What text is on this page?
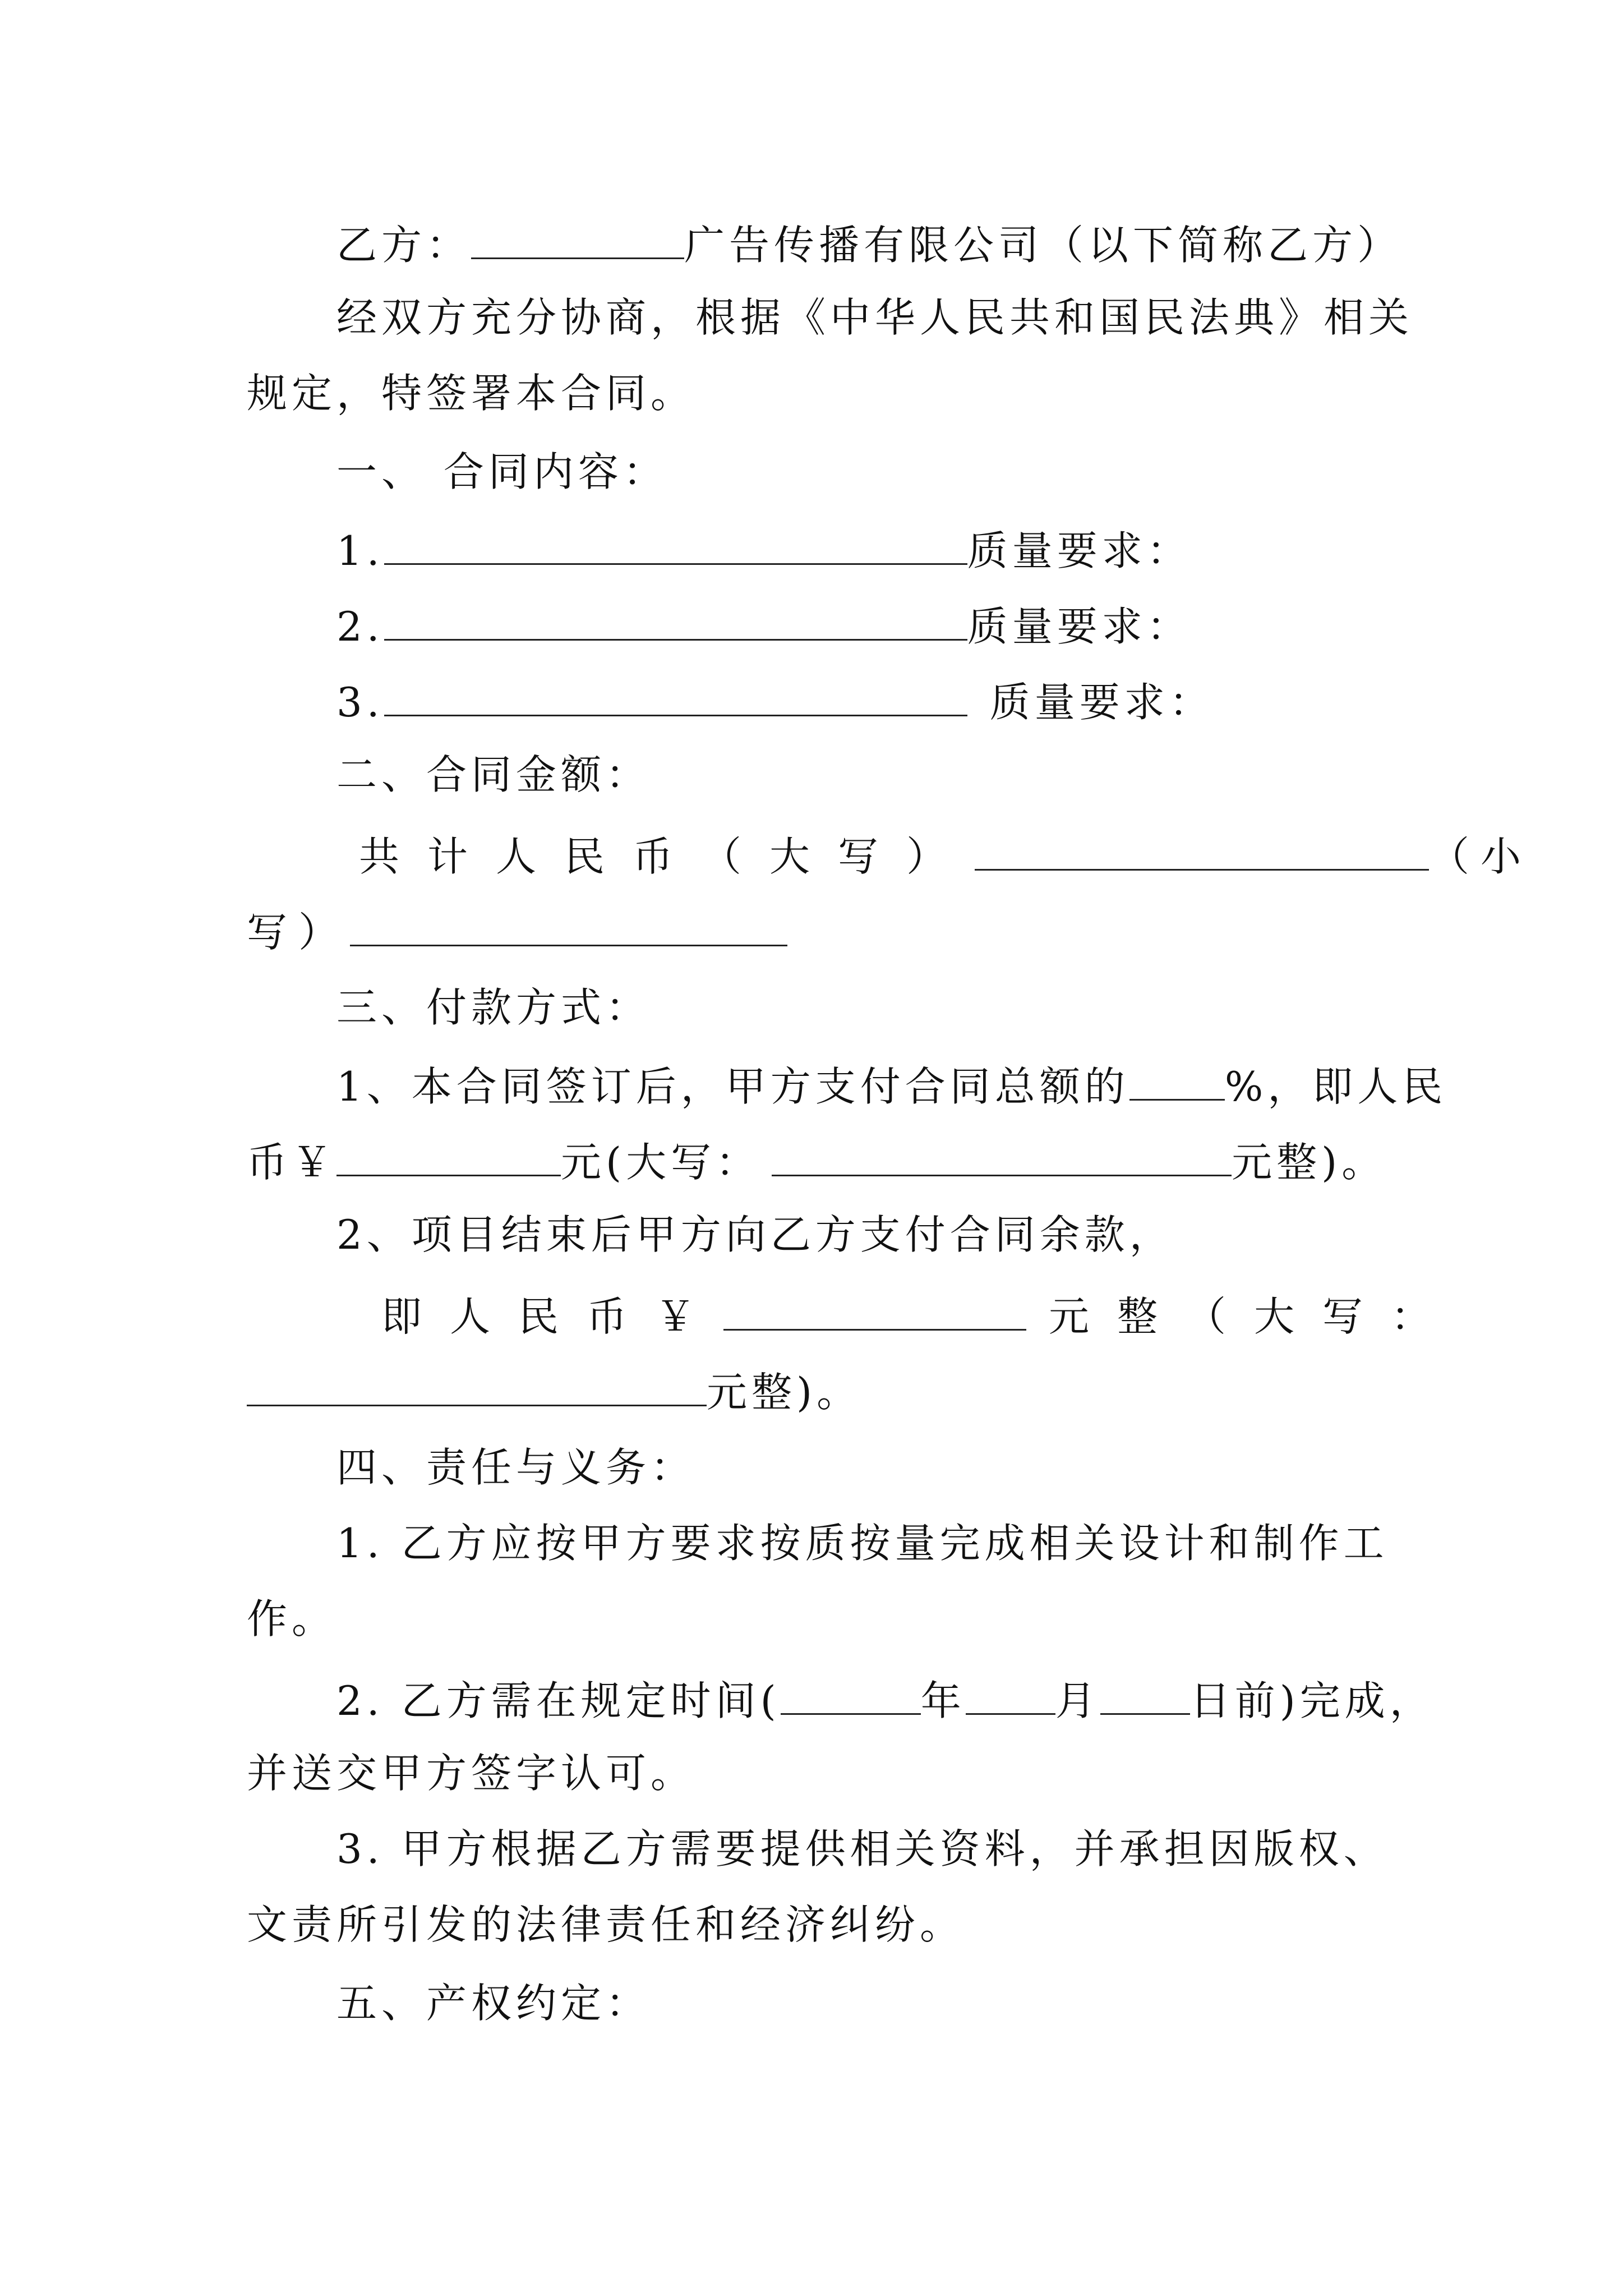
乙方：	广告传播有限公司（以下简称乙方）
经双方充分协商，根据《中华人民共和国民法典》相关
规定，特签署本合同。
一、 合同内容：
1.	质量要求：
2.	质量要求：
3.	质量要求：
二、合同金额：
共计人民币（大写）	（小
写）
三、付款方式：
1、本合同签订后，甲方支付合同总额的 %，即人民
币￥	元(大写：	元整)。
2、项目结束后甲方向乙方支付合同余款，
即人民币￥	元整（大写：
元整)。
四、责任与义务：
1. 乙方应按甲方要求按质按量完成相关设计和制作工
作。
2. 乙方需在规定时间(	年 月 日前)完成，
并送交甲方签字认可。
3. 甲方根据乙方需要提供相关资料，并承担因版权、
文责所引发的法律责任和经济纠纷。
五、产权约定：
